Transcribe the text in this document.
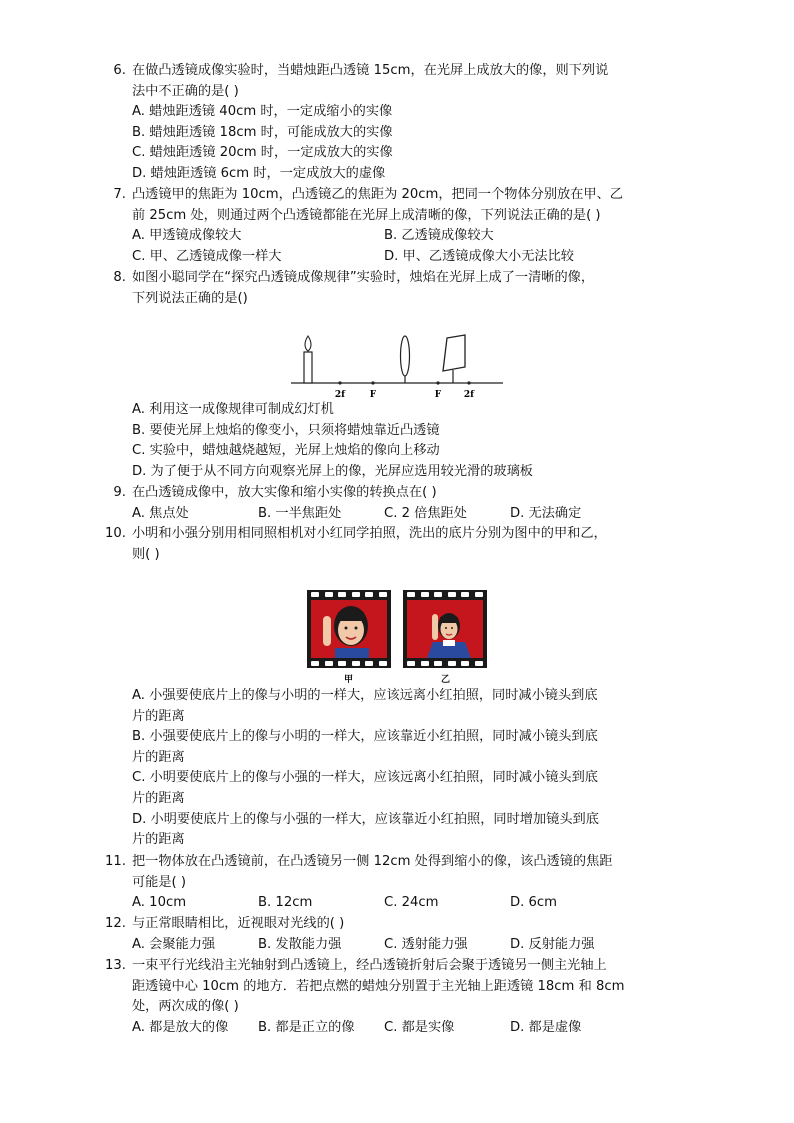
6. 在做凸透镜成像实验时，当蜡烛距凸透镜 15cm，在光屏上成放大的像，则下列说
法中不正确的是( )
A. 蜡烛距透镜 40cm 时，一定成缩小的实像
B. 蜡烛距透镜 18cm 时，可能成放大的实像
C. 蜡烛距透镜 20cm 时，一定成放大的实像
D. 蜡烛距透镜 6cm 时，一定成放大的虚像
7. 凸透镜甲的焦距为 10cm，凸透镜乙的焦距为 20cm，把同一个物体分别放在甲、乙
前 25cm 处，则通过两个凸透镜都能在光屏上成清晰的像，下列说法正确的是( )
A. 甲透镜成像较大	B. 乙透镜成像较大
C. 甲、乙透镜成像一样大	D. 甲、乙透镜成像大小无法比较
8. 如图小聪同学在“探究凸透镜成像规律”实验时，烛焰在光屏上成了一清晰的像，
下列说法正确的是()
2f	F	F	2f
A. 利用这一成像规律可制成幻灯机
B. 要使光屏上烛焰的像变小，只须将蜡烛靠近凸透镜
C. 实验中，蜡烛越烧越短，光屏上烛焰的像向上移动
D. 为了便于从不同方向观察光屏上的像，光屏应选用较光滑的玻璃板
9. 在凸透镜成像中，放大实像和缩小实像的转换点在( )
A. 焦点处	B. 一半焦距处	C. 2 倍焦距处	D. 无法确定
10. 小明和小强分别用相同照相机对小红同学拍照，洗出的底片分别为图中的甲和乙，
则( )
甲	乙
A. 小强要使底片上的像与小明的一样大，应该远离小红拍照，同时减小镜头到底
片的距离
B. 小强要使底片上的像与小明的一样大，应该靠近小红拍照，同时减小镜头到底
片的距离
C. 小明要使底片上的像与小强的一样大，应该远离小红拍照，同时减小镜头到底
片的距离
D. 小明要使底片上的像与小强的一样大，应该靠近小红拍照，同时增加镜头到底
片的距离
11. 把一物体放在凸透镜前，在凸透镜另一侧 12cm 处得到缩小的像，该凸透镜的焦距
可能是( )
A. 10cm	B. 12cm	C. 24cm	D. 6cm
12. 与正常眼睛相比，近视眼对光线的( )
A. 会聚能力强	B. 发散能力强	C. 透射能力强	D. 反射能力强
13. 一束平行光线沿主光轴射到凸透镜上，经凸透镜折射后会聚于透镜另一侧主光轴上
距透镜中心 10cm 的地方．若把点燃的蜡烛分别置于主光轴上距透镜 18cm 和 8cm
处，两次成的像( )
A. 都是放大的像	B. 都是正立的像	C. 都是实像	D. 都是虚像
